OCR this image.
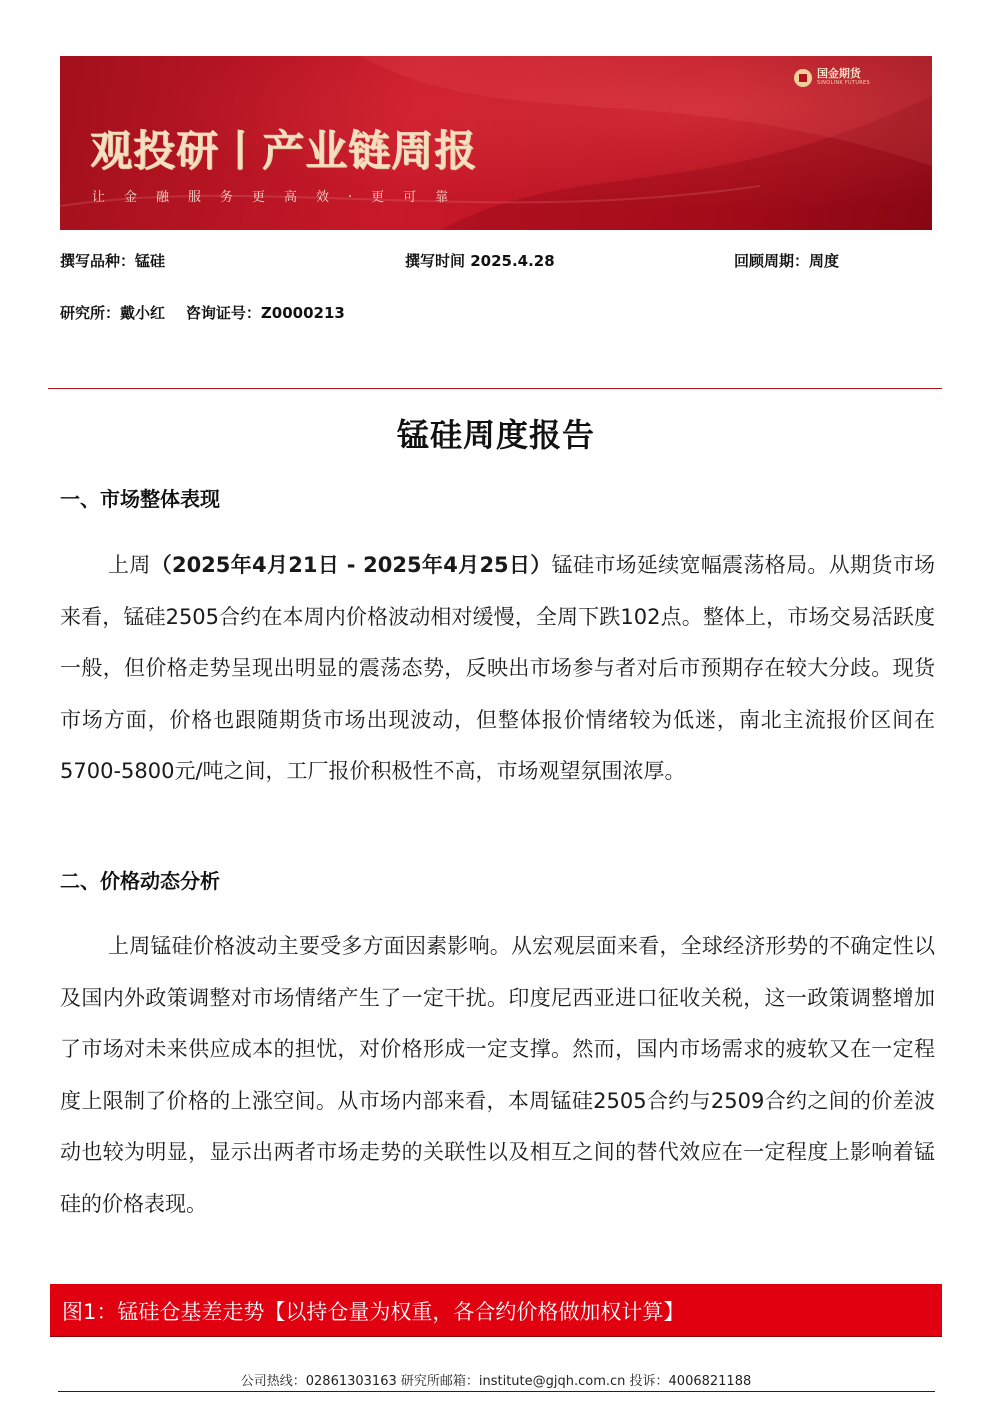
国金期货
SINOLINK FUTURES
观投研丨产业链周报
让金融服务更高效·更可靠
撰写品种：锰硅	撰写时间 2025.4.28	回顾周期：周度
研究所：戴小红    咨询证号：Z0000213
锰硅周度报告
一、市场整体表现

上周（2025年4月21日 - 2025年4月25日）锰硅市场延续宽幅震荡格局。从期货市场来看，锰硅2505合约在本周内价格波动相对缓慢，全周下跌102点。整体上，市场交易活跃度一般，但价格走势呈现出明显的震荡态势，反映出市场参与者对后市预期存在较大分歧。现货市场方面，价格也跟随期货市场出现波动，但整体报价情绪较为低迷，南北主流报价区间在5700-5800元/吨之间，工厂报价积极性不高，市场观望氛围浓厚。

二、价格动态分析

上周锰硅价格波动主要受多方面因素影响。从宏观层面来看，全球经济形势的不确定性以及国内外政策调整对市场情绪产生了一定干扰。印度尼西亚进口征收关税，这一政策调整增加了市场对未来供应成本的担忧，对价格形成一定支撑。然而，国内市场需求的疲软又在一定程度上限制了价格的上涨空间。从市场内部来看，本周锰硅2505合约与2509合约之间的价差波动也较为明显，显示出两者市场走势的关联性以及相互之间的替代效应在一定程度上影响着锰硅的价格表现。

图1：锰硅仓基差走势【以持仓量为权重，各合约价格做加权计算】
公司热线：02861303163 研究所邮箱：institute@gjqh.com.cn 投诉：4006821188
